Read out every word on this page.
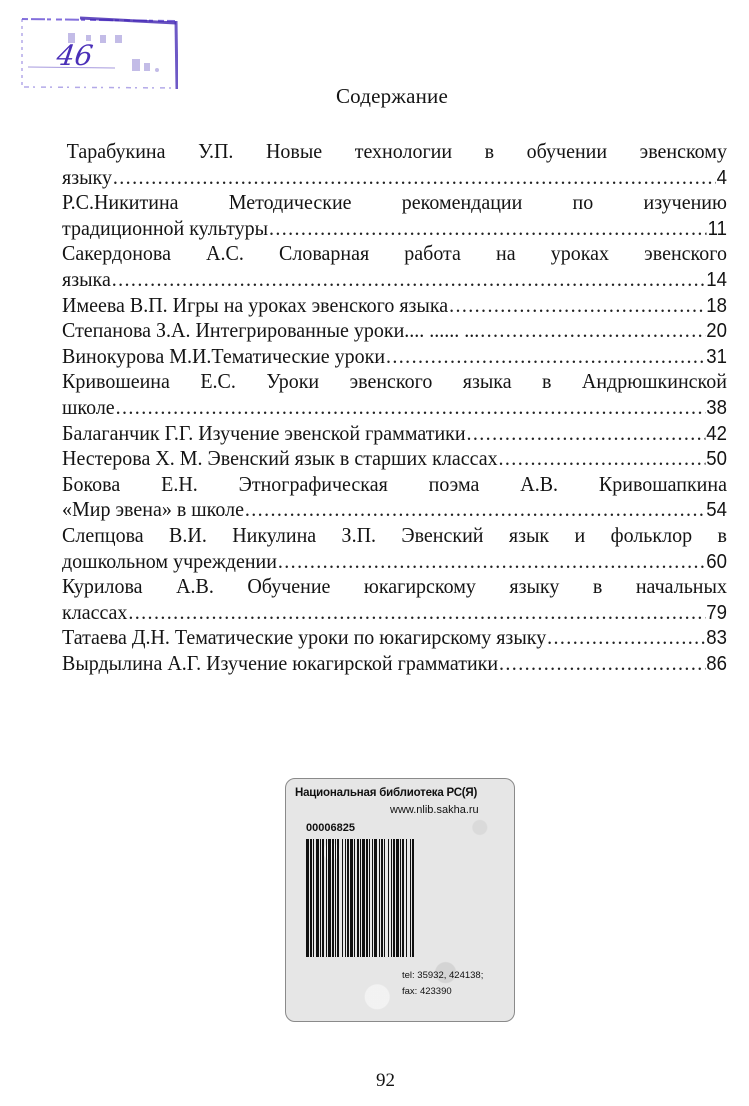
46
Содержание
Тарабукина У.П. Новые технологии в обучении эвенскому
языку .....	4
Р.С.Никитина Методические рекомендации по изучению
традиционной культуры .....	11
Сакердонова А.С. Словарная работа на уроках эвенского
языка .....	14
Имеева В.П. Игры на уроках эвенского языка .....	18
Степанова З.А. Интегрированные уроки.... ...... ... .....	20
Винокурова М.И.Тематические уроки .....	31
Кривошеина Е.С. Уроки эвенского языка в Андрюшкинской
школе .....	38
Балаганчик Г.Г. Изучение эвенской грамматики .....	42
Нестерова Х. М. Эвенский язык в старших классах .....	50
Бокова Е.Н. Этнографическая поэма А.В. Кривошапкина
«Мир эвена» в школе .....	54
Слепцова В.И. Никулина З.П. Эвенский язык и фольклор в
дошкольном учреждении .....	60
Курилова А.В. Обучение юкагирскому языку в начальных
классах .....	79
Татаева Д.Н. Тематические уроки по юкагирскому языку .....	83
Вырдылина А.Г. Изучение юкагирской грамматики .....	86
Национальная библиотека РС(Я)
www.nlib.sakha.ru
00006825
tel: 35932, 424138;
fax: 423390
92
